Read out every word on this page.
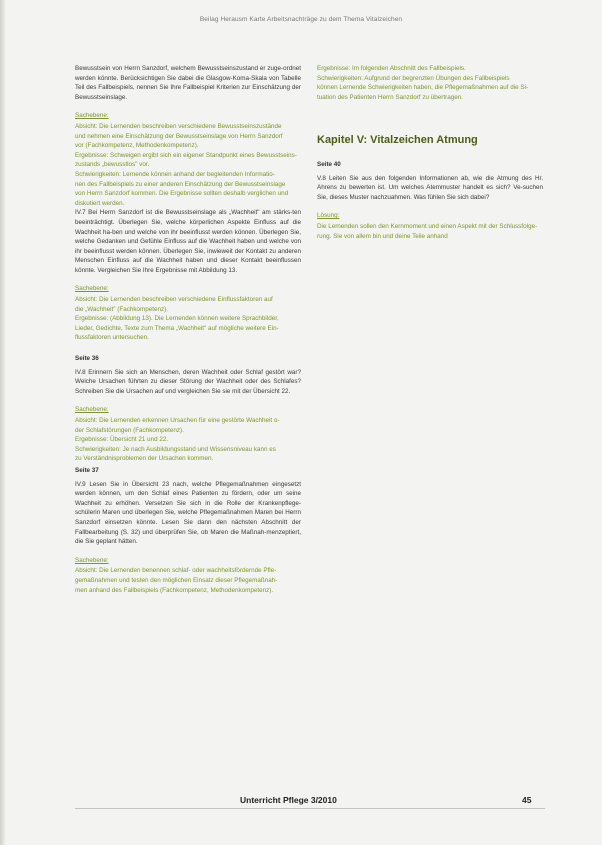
Beilag Herausm Karte Arbeitsnachträge zu dem Thema Vitalzeichen

Bewusstsein von Herrn Sanzdorf, welchem Bewusstseinszustand er zuge-ordnet werden könnte. Berücksichtigen Sie dabei die Glasgow-Koma-Skala von Tabelle Teil des Fallbeispiels, nennen Sie Ihre Fallbeispiel Kriterien zur Einschätzung der Bewusstseinslage.

Sachebene:

Absicht: Die Lernenden beschreiben verschiedene Bewusstseinszustände

und nehmen eine Einschätzung der Bewusstseinslage von Herrn Sanzdorf

vor (Fachkompetenz, Methodenkompetenz).

Ergebnisse: Schweigen ergibt sich ein eigener Standpunkt eines Bewusstseins-

zustands „bewusstlos" vor.

Schwierigkeiten: Lernende können anhand der begleitenden Informatio-

nen des Fallbeispiels zu einer anderen Einschätzung der Bewusstseinslage

von Herrn Sanzdorf kommen. Die Ergebnisse sollten deshalb verglichen und

diskutiert werden.

IV.7 Bei Herrn Sanzdorf ist die Bewusstseinslage als „Wachheit" am stärks-ten beeinträchtigt. Überlegen Sie, welche körperlichen Aspekte Einfluss auf die Wachheit ha-ben und welche von ihr beeinflusst werden können. Überlegen Sie, welche Gedanken und Gefühle Einfluss auf die Wachheit haben und welche von ihr beeinflusst werden können. Überlegen Sie, inwieweit der Kontakt zu anderen Menschen Einfluss auf die Wachheit haben und dieser Kontakt beeinflussen könnte. Vergleichen Sie Ihre Ergebnisse mit Abbildung 13.

Sachebene:

Absicht: Die Lernenden beschreiben verschiedene Einflussfaktoren auf

die „Wachheit" (Fachkompetenz).

Ergebnisse: (Abbildung 13). Die Lernenden können weitere Sprachbilder,

Lieder, Gedichte, Texte zum Thema „Wachheit" auf mögliche weitere Ein-

flussfaktoren untersuchen.

Seite 36

IV.8 Erinnern Sie sich an Menschen, deren Wachheit oder Schlaf gestört war? Welche Ursachen führten zu dieser Störung der Wachheit oder des Schlafes? Schreiben Sie die Ursachen auf und vergleichen Sie sie mit der Übersicht 22.

Sachebene:

Absicht: Die Lernenden erkennen Ursachen für eine gestörte Wachheit o-

der Schlafstörungen (Fachkompetenz).

Ergebnisse: Übersicht 21 und 22.

Schwierigkeiten: Je nach Ausbildungsstand und Wissensniveau kann es

zu Verständnisproblemen der Ursachen kommen.

Seite 37

IV.9 Lesen Sie in Übersicht 23 nach, welche Pflegemaßnahmen eingesetzt werden können, um den Schlaf eines Patienten zu fördern, oder um seine Wachheit zu erhöhen. Versetzen Sie sich in die Rolle der Krankenpflege-schülerin Maren und überlegen Sie, welche Pflegemaßnahmen Maren bei Herrn Sanzdorf einsetzen könnte. Lesen Sie dann den nächsten Abschnitt der Fallbearbeitung (S. 32) und überprüfen Sie, ob Maren die Maßnah-menzeptiert, die Sie geplant hätten.

Sachebene:

Absicht: Die Lernenden benennen schlaf- oder wachheitsfördernde Pfle-

gemaßnahmen und testen den möglichen Einsatz dieser Pflegemaßnah-

men anhand des Fallbeispiels (Fachkompetenz, Methodenkompetenz).

Ergebnisse: Im folgenden Abschnitt des Fallbeispiels.

Schwierigkeiten: Aufgrund der begrenzten Übungen des Fallbeispiels

können Lernende Schwierigkeiten haben, die Pflegemaßnahmen auf die Si-

tuation des Patienten Herrn Sanzdorf zu übertragen.

Kapitel V: Vitalzeichen Atmung
Seite 40

V.8 Leiten Sie aus den folgenden Informationen ab, wie die Atmung des Hr. Ahrens zu bewerten ist. Um welches Atemmuster handelt es sich? Ve-suchen Sie, dieses Muster nachzuahmen. Was fühlen Sie sich dabei?

Lösung:

Die Lernenden sollen den Kernmoment und einen Aspekt mit der Schlussfolge-

rung. Sie von allem bin und deine Teile anhand

Unterricht Pflege 3/2010	45
